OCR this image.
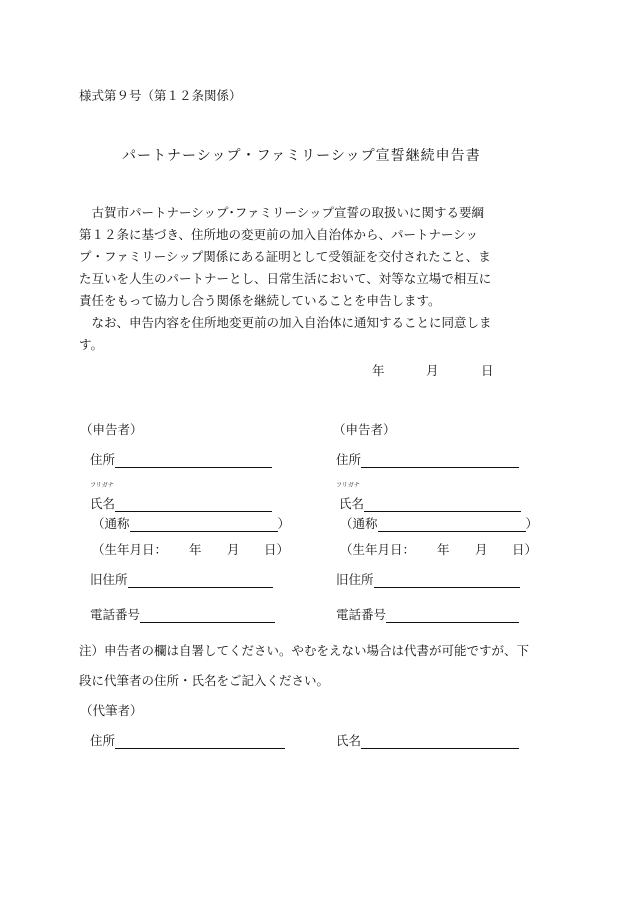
様式第９号（第１２条関係）
パートナーシップ・ファミリーシップ宣誓継続申告書
　古賀市パートナーシップ･ファミリーシップ宣誓の取扱いに関する要綱
第１２条に基づき、住所地の変更前の加入自治体から、パートナーシッ
プ・ファミリーシップ関係にある証明として受領証を交付されたこと、ま
た互いを人生のパートナーとし、日常生活において、対等な立場で相互に
責任をもって協力し合う関係を継続していることを申告します。
　なお、申告内容を住所地変更前の加入自治体に通知することに同意しま
す。
年	月	日
（申告者）
住所
フリガナ
氏名
（通称	）
（生年月日： 年 月 日）
旧住所
電話番号
（申告者）
住所
フリガナ
氏名
（通称	）
（生年月日： 年 月 日）
旧住所
電話番号
注）申告者の欄は自署してください。やむをえない場合は代書が可能ですが、下
段に代筆者の住所・氏名をご記入ください。
（代筆者）
住所	氏名
